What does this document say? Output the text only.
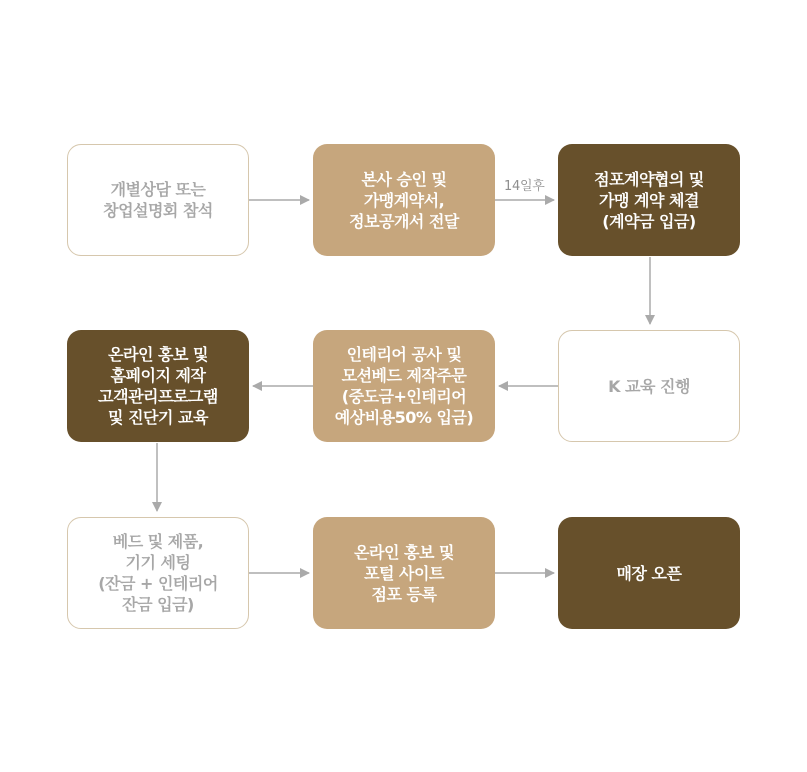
14일후
개별상담 또는
창업설명회 참석
본사 승인 및
가맹계약서,
정보공개서 전달
점포계약협의 및
가맹 계약 체결
(계약금 입금)
K 교육 진행
인테리어 공사 및
모션베드 제작주문
(중도금+인테리어
예상비용50% 입금)
온라인 홍보 및
홈페이지 제작
고객관리프로그램
및 진단기 교육
베드 및 제품,
기기 세팅
(잔금 + 인테리어
잔금 입금)
온라인 홍보 및
포털 사이트
점포 등록
매장 오픈
